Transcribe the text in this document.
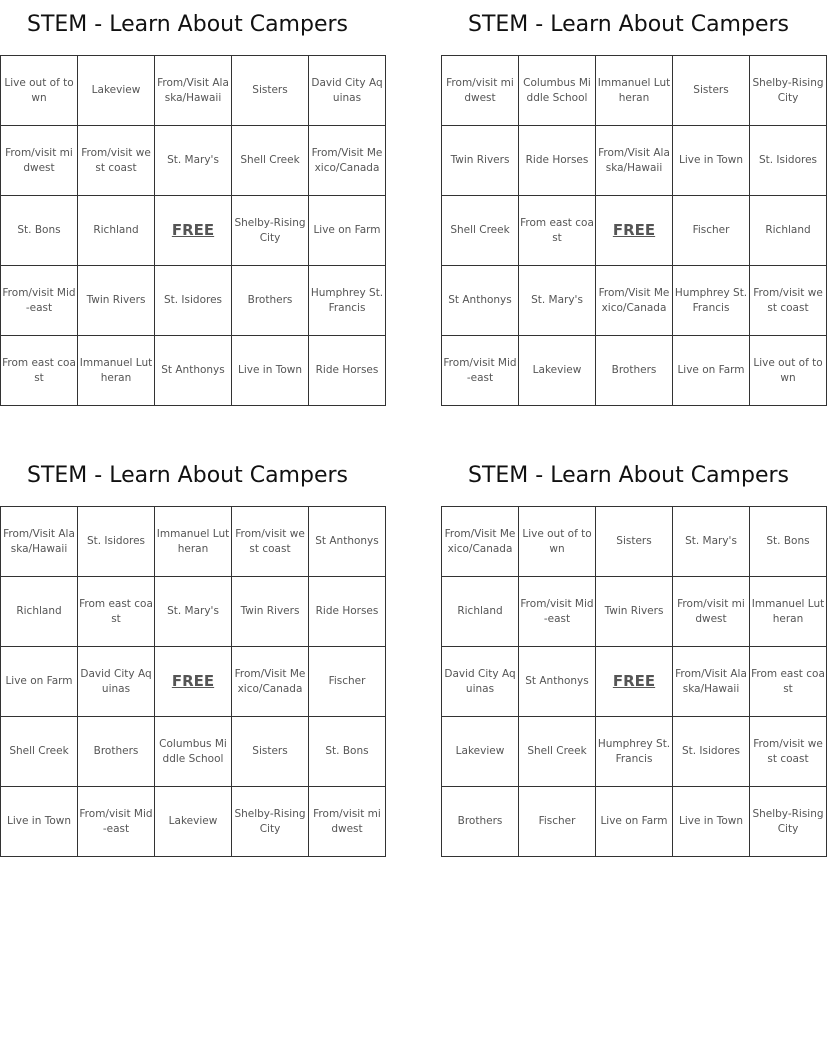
STEM - Learn About Campers
Live out of town	Lakeview	From/Visit Alaska/Hawaii	Sisters	David City Aquinas
From/visit midwest	From/visit west coast	St. Mary's	Shell Creek	From/Visit Mexico/Canada
St. Bons	Richland	FREE	Shelby-Rising City	Live on Farm
From/visit Mid-east	Twin Rivers	St. Isidores	Brothers	Humphrey St. Francis
From east coast	Immanuel Lutheran	St Anthonys	Live in Town	Ride Horses
STEM - Learn About Campers
From/visit midwest	Columbus Middle School	Immanuel Lutheran	Sisters	Shelby-Rising City
Twin Rivers	Ride Horses	From/Visit Alaska/Hawaii	Live in Town	St. Isidores
Shell Creek	From east coast	FREE	Fischer	Richland
St Anthonys	St. Mary's	From/Visit Mexico/Canada	Humphrey St. Francis	From/visit west coast
From/visit Mid-east	Lakeview	Brothers	Live on Farm	Live out of town
STEM - Learn About Campers
From/Visit Alaska/Hawaii	St. Isidores	Immanuel Lutheran	From/visit west coast	St Anthonys
Richland	From east coast	St. Mary's	Twin Rivers	Ride Horses
Live on Farm	David City Aquinas	FREE	From/Visit Mexico/Canada	Fischer
Shell Creek	Brothers	Columbus Middle School	Sisters	St. Bons
Live in Town	From/visit Mid-east	Lakeview	Shelby-Rising City	From/visit midwest
STEM - Learn About Campers
From/Visit Mexico/Canada	Live out of town	Sisters	St. Mary's	St. Bons
Richland	From/visit Mid-east	Twin Rivers	From/visit midwest	Immanuel Lutheran
David City Aquinas	St Anthonys	FREE	From/Visit Alaska/Hawaii	From east coast
Lakeview	Shell Creek	Humphrey St. Francis	St. Isidores	From/visit west coast
Brothers	Fischer	Live on Farm	Live in Town	Shelby-Rising City
